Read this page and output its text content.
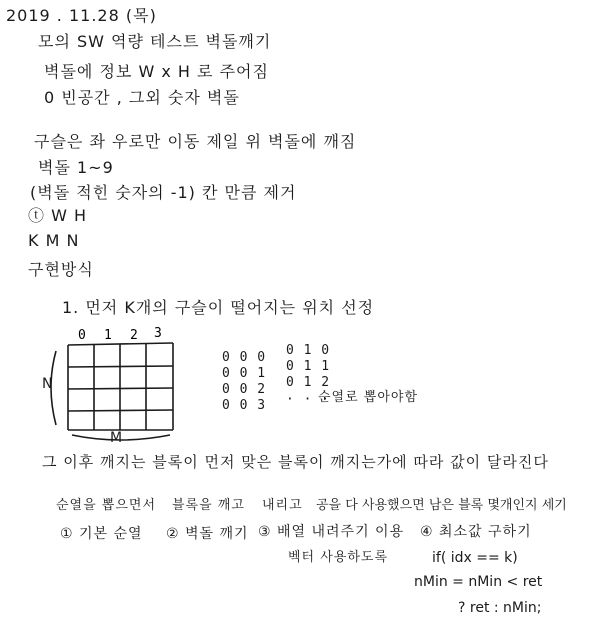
2019 . 11.28 (목)
모의 SW 역량 테스트 벽돌깨기
벽돌에 정보 W x H 로 주어짐
0 빈공간 , 그외 숫자 벽돌
구슬은 좌 우로만 이동 제일 위 벽돌에 깨짐
벽돌 1~9
(벽돌 적힌 숫자의 -1) 칸 만큼 제거
ⓣ W H
K M N
구현방식
1. 먼저 K개의 구슬이 떨어지는 위치 선정
0 1 2 3
N
M
0 0 0
0 0 1
0 0 2
0 0 3
0 1 0
0 1 1
0 1 2
· · ·
순열로 뽑아야함
그 이후 깨지는 블록이 먼저 맞은 블록이 깨지는가에 따라 값이 달라진다
순열을 뽑으면서 블록을 깨고 내리고 공을 다 사용했으면 남은 블록 몇개인지 세기
① 기본 순열 ② 벽돌 깨기 ③ 배열 내려주기 이용 ④ 최소값 구하기
벡터 사용하도록	if( idx == k)
nMin = nMin < ret
? ret : nMin;
